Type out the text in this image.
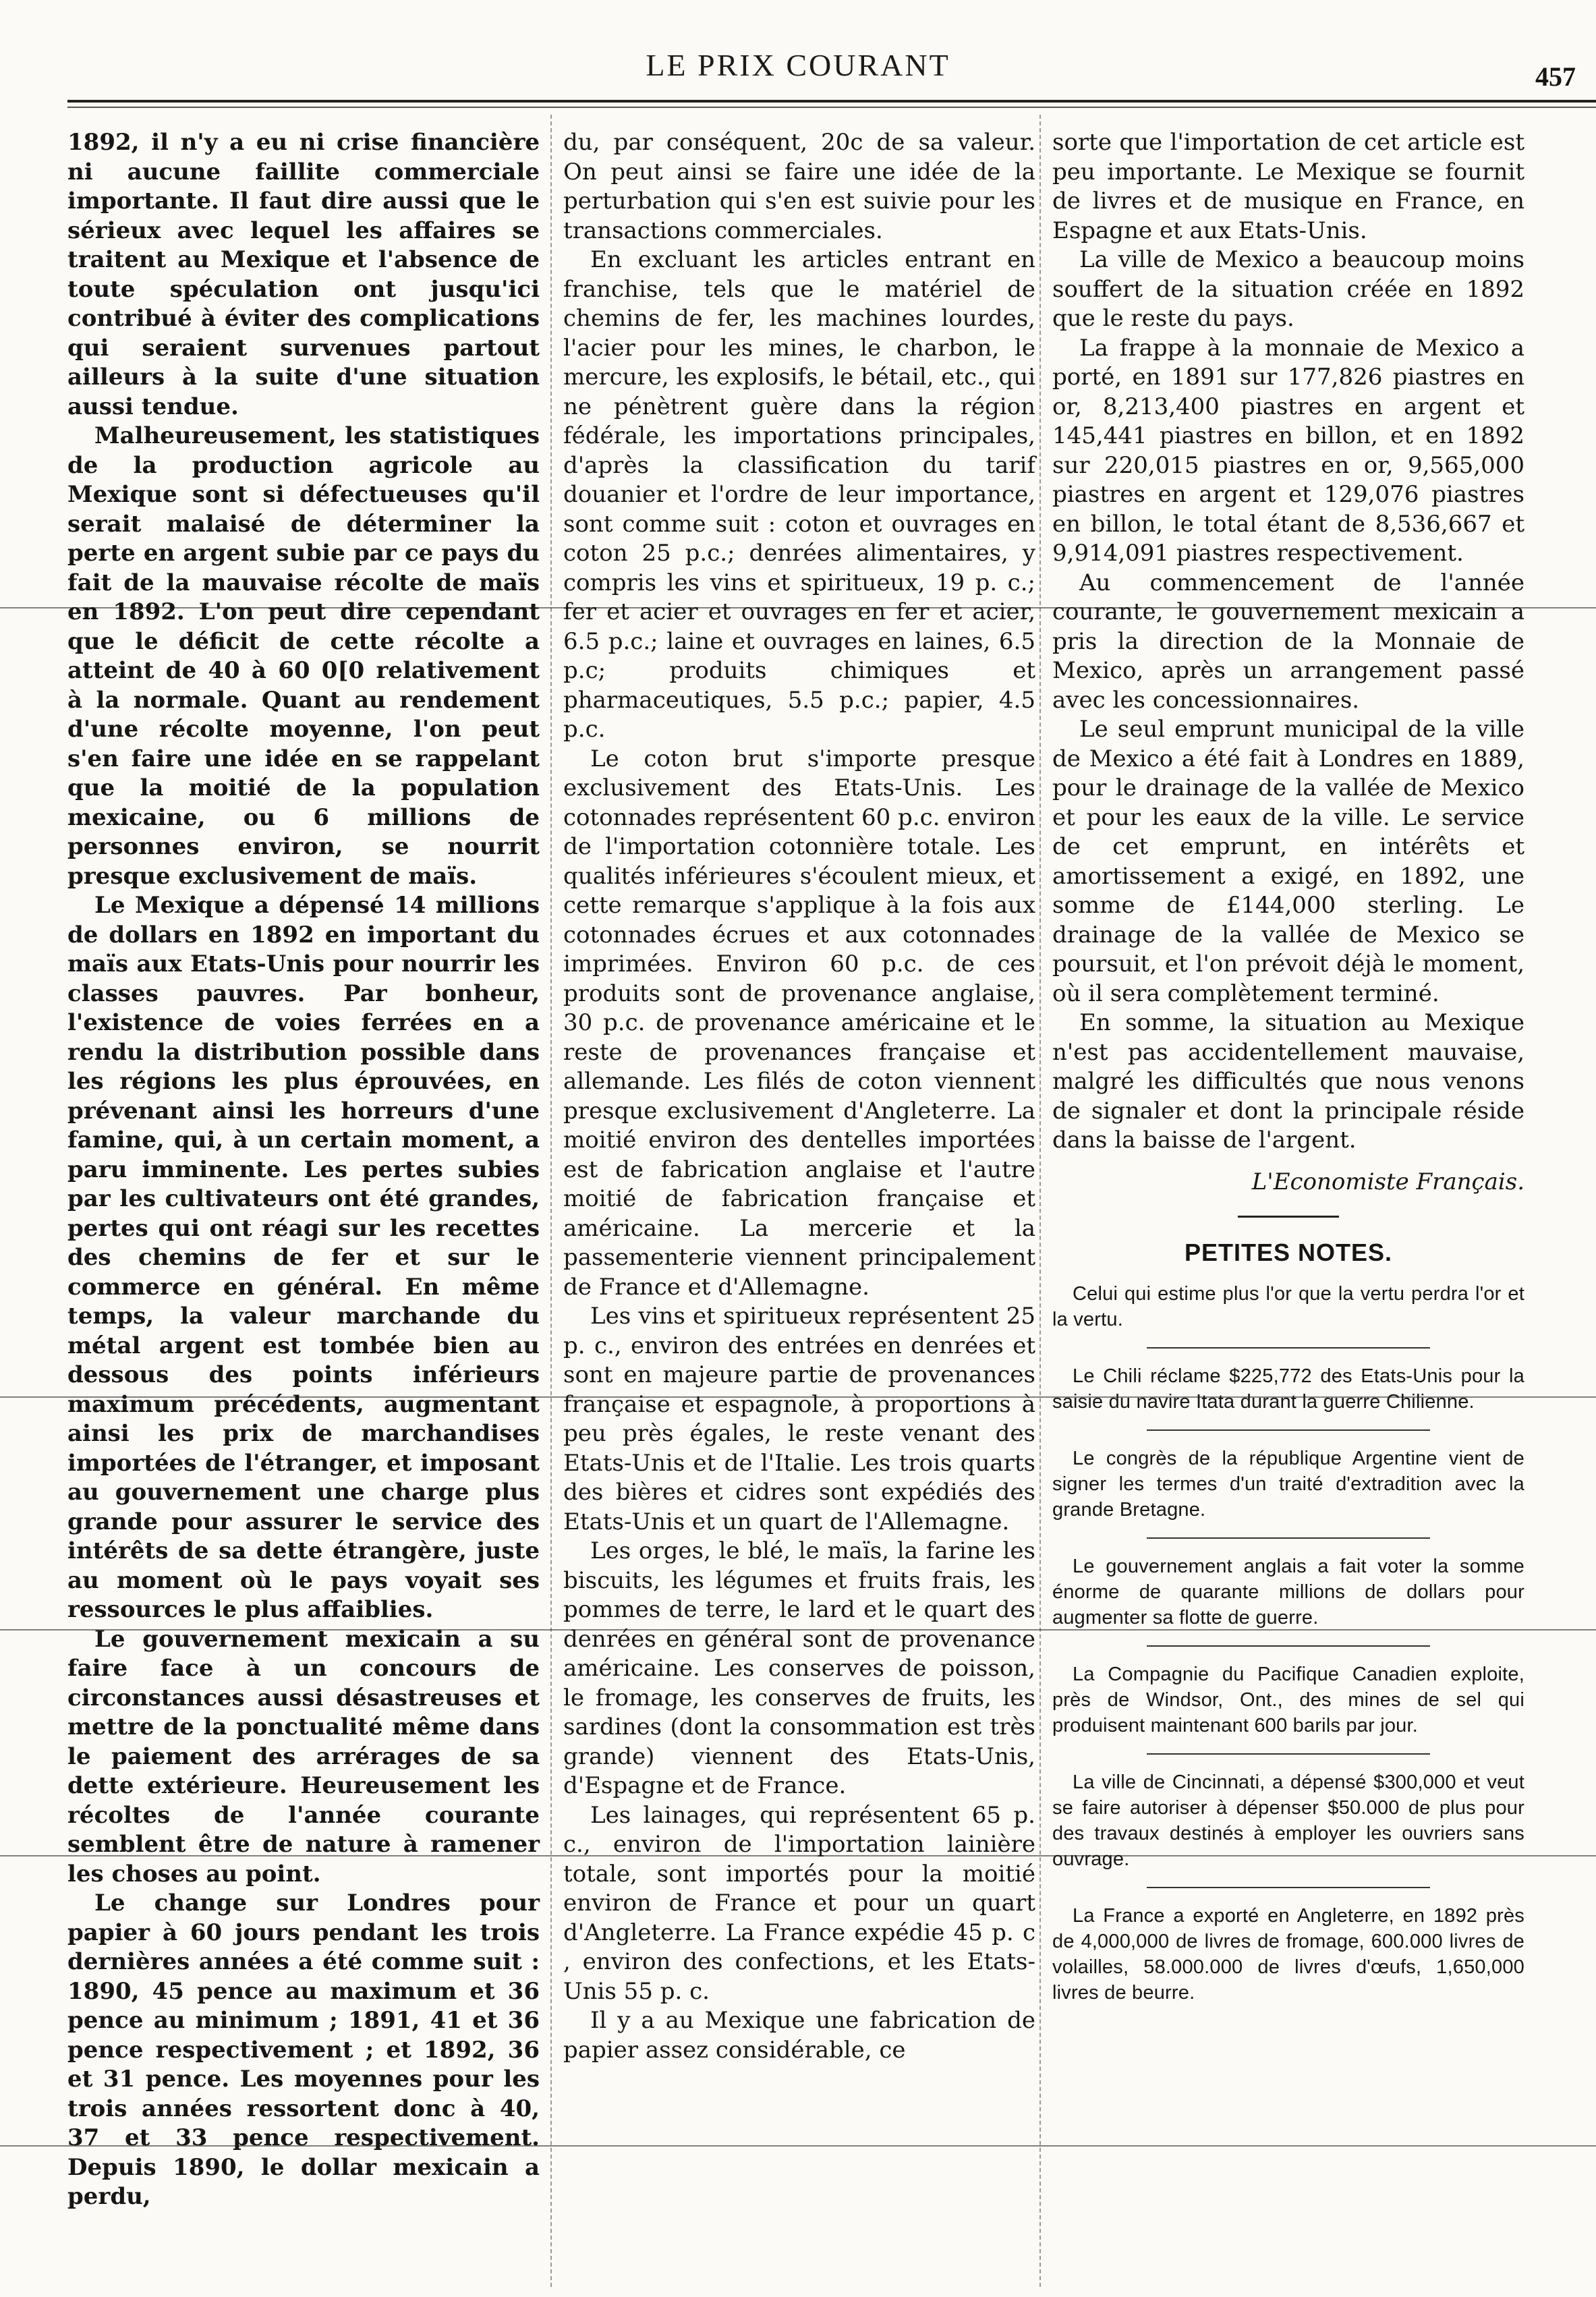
LE PRIX COURANT	457

1892, il n'y a eu ni crise financière ni aucune faillite commerciale importante. Il faut dire aussi que le sérieux avec lequel les affaires se traitent au Mexique et l'absence de toute spéculation ont jusqu'ici contribué à éviter des complications qui seraient survenues partout ailleurs à la suite d'une situation aussi tendue.

Malheureusement, les statistiques de la production agricole au Mexique sont si défectueuses qu'il serait malaisé de déterminer la perte en argent subie par ce pays du fait de la mauvaise récolte de maïs en 1892. L'on peut dire cependant que le déficit de cette récolte a atteint de 40 à 60 0[0 relativement à la normale. Quant au rendement d'une récolte moyenne, l'on peut s'en faire une idée en se rappelant que la moitié de la population mexicaine, ou 6 millions de personnes environ, se nourrit presque exclusivement de maïs.

Le Mexique a dépensé 14 millions de dollars en 1892 en important du maïs aux Etats-Unis pour nourrir les classes pauvres. Par bonheur, l'existence de voies ferrées en a rendu la distribution possible dans les régions les plus éprouvées, en prévenant ainsi les horreurs d'une famine, qui, à un certain moment, a paru imminente. Les pertes subies par les cultivateurs ont été grandes, pertes qui ont réagi sur les recettes des chemins de fer et sur le commerce en général. En même temps, la valeur marchande du métal argent est tombée bien au dessous des points inférieurs maximum précédents, augmentant ainsi les prix de marchandises importées de l'étranger, et imposant au gouvernement une charge plus grande pour assurer le service des intérêts de sa dette étrangère, juste au moment où le pays voyait ses ressources le plus affaiblies.

Le gouvernement mexicain a su faire face à un concours de circonstances aussi désastreuses et mettre de la ponctualité même dans le paiement des arrérages de sa dette extérieure. Heureusement les récoltes de l'année courante semblent être de nature à ramener les choses au point.

Le change sur Londres pour papier à 60 jours pendant les trois dernières années a été comme suit : 1890, 45 pence au maximum et 36 pence au minimum ; 1891, 41 et 36 pence respectivement ; et 1892, 36 et 31 pence. Les moyennes pour les trois années ressortent donc à 40, 37 et 33 pence respectivement. Depuis 1890, le dollar mexicain a perdu,

du, par conséquent, 20c de sa valeur. On peut ainsi se faire une idée de la perturbation qui s'en est suivie pour les transactions commerciales.

En excluant les articles entrant en franchise, tels que le matériel de chemins de fer, les machines lourdes, l'acier pour les mines, le charbon, le mercure, les explosifs, le bétail, etc., qui ne pénètrent guère dans la région fédérale, les importations principales, d'après la classification du tarif douanier et l'ordre de leur importance, sont comme suit : coton et ouvrages en coton 25 p.c.; denrées alimentaires, y compris les vins et spiritueux, 19 p. c.; fer et acier et ouvrages en fer et acier, 6.5 p.c.; laine et ouvrages en laines, 6.5 p.c; produits chimiques et pharmaceutiques, 5.5 p.c.; papier, 4.5 p.c.

Le coton brut s'importe presque exclusivement des Etats-Unis. Les cotonnades représentent 60 p.c. environ de l'importation cotonnière totale. Les qualités inférieures s'écoulent mieux, et cette remarque s'applique à la fois aux cotonnades écrues et aux cotonnades imprimées. Environ 60 p.c. de ces produits sont de provenance anglaise, 30 p.c. de provenance américaine et le reste de provenances française et allemande. Les filés de coton viennent presque exclusivement d'Angleterre. La moitié environ des dentelles importées est de fabrication anglaise et l'autre moitié de fabrication française et américaine. La mercerie et la passementerie viennent principalement de France et d'Allemagne.

Les vins et spiritueux représentent 25 p. c., environ des entrées en denrées et sont en majeure partie de provenances française et espagnole, à proportions à peu près égales, le reste venant des Etats-Unis et de l'Italie. Les trois quarts des bières et cidres sont expédiés des Etats-Unis et un quart de l'Allemagne.

Les orges, le blé, le maïs, la farine les biscuits, les légumes et fruits frais, les pommes de terre, le lard et le quart des denrées en général sont de provenance américaine. Les conserves de poisson, le fromage, les conserves de fruits, les sardines (dont la consommation est très grande) viennent des Etats-Unis, d'Espagne et de France.

Les lainages, qui représentent 65 p. c., environ de l'importation lainière totale, sont importés pour la moitié environ de France et pour un quart d'Angleterre. La France expédie 45 p. c , environ des confections, et les Etats-Unis 55 p. c.

Il y a au Mexique une fabrication de papier assez considérable, ce

sorte que l'importation de cet article est peu importante. Le Mexique se fournit de livres et de musique en France, en Espagne et aux Etats-Unis.

La ville de Mexico a beaucoup moins souffert de la situation créée en 1892 que le reste du pays.

La frappe à la monnaie de Mexico a porté, en 1891 sur 177,826 piastres en or, 8,213,400 piastres en argent et 145,441 piastres en billon, et en 1892 sur 220,015 piastres en or, 9,565,000 piastres en argent et 129,076 piastres en billon, le total étant de 8,536,667 et 9,914,091 piastres respectivement.

Au commencement de l'année courante, le gouvernement mexicain a pris la direction de la Monnaie de Mexico, après un arrangement passé avec les concessionnaires.

Le seul emprunt municipal de la ville de Mexico a été fait à Londres en 1889, pour le drainage de la vallée de Mexico et pour les eaux de la ville. Le service de cet emprunt, en intérêts et amortissement a exigé, en 1892, une somme de £144,000 sterling. Le drainage de la vallée de Mexico se poursuit, et l'on prévoit déjà le moment, où il sera complètement terminé.

En somme, la situation au Mexique n'est pas accidentellement mauvaise, malgré les difficultés que nous venons de signaler et dont la principale réside dans la baisse de l'argent.

L'Economiste Français.

PETITES NOTES.

Celui qui estime plus l'or que la vertu perdra l'or et la vertu.

Le Chili réclame $225,772 des Etats-Unis pour la saisie du navire Itata durant la guerre Chilienne.

Le congrès de la république Argentine vient de signer les termes d'un traité d'extradition avec la grande Bretagne.

Le gouvernement anglais a fait voter la somme énorme de quarante millions de dollars pour augmenter sa flotte de guerre.

La Compagnie du Pacifique Canadien exploite, près de Windsor, Ont., des mines de sel qui produisent maintenant 600 barils par jour.

La ville de Cincinnati, a dépensé $300,000 et veut se faire autoriser à dépenser $50.000 de plus pour des travaux destinés à employer les ouvriers sans ouvrage.

La France a exporté en Angleterre, en 1892 près de 4,000,000 de livres de fromage, 600.000 livres de volailles, 58.000.000 de livres d'œufs, 1,650,000 livres de beurre.
